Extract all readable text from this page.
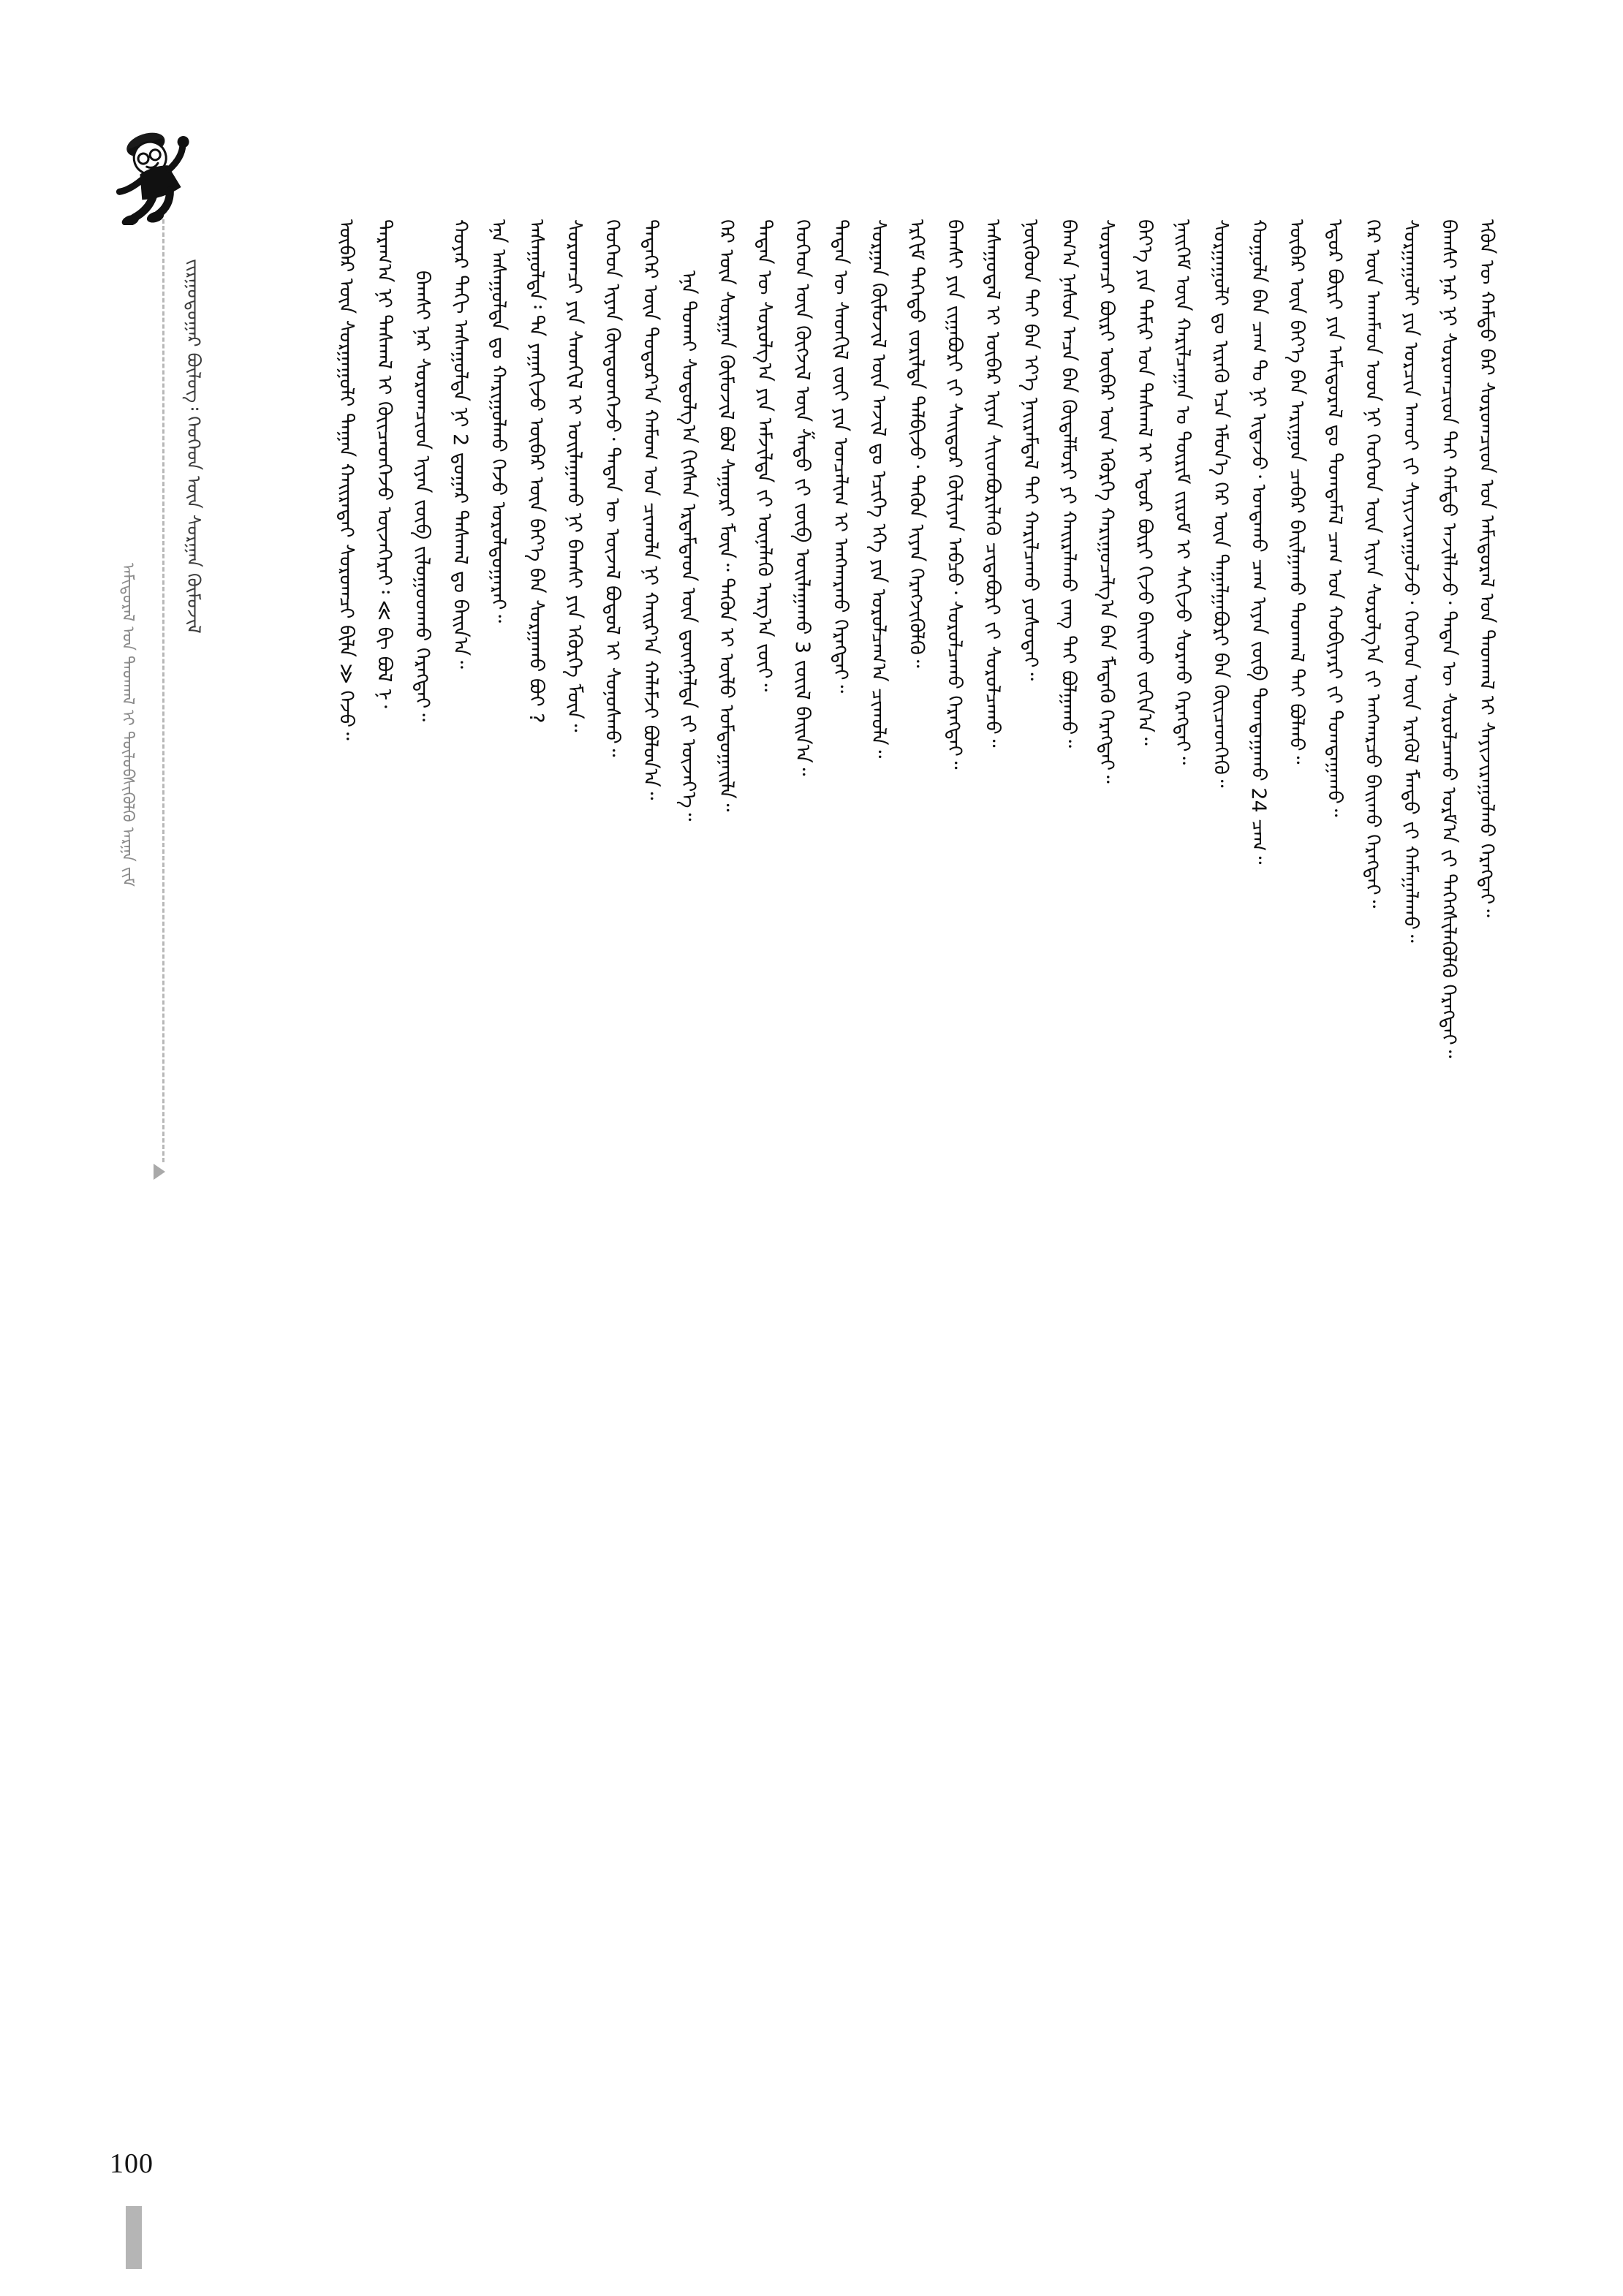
ᠵᠢᠷᠭᠤᠳᠤᠭᠠᠷ ᠪᠦᠯᠦᠭ᠄ ᠬᠡᠦᠬᠡᠳ ᠦᠨ ᠰᠤᠷᠭᠠᠨ ᠬᠥᠮᠦᠵᠢᠯ
ᠠᠮᠢᠳᠤᠷᠠᠯ ᠤᠨ ᠳᠠᠳᠬᠠᠯ ᠢ ᠲᠥᠯᠥᠪᠰᠢᠭᠦᠯᠬᠦ ᠠᠷᠭᠠ ᠵᠢᠮ	ᠡᠭᠦᠨ ᠦ ᠬᠠᠮᠲᠤ ᠪᠠᠷ ᠰᠤᠷᠤᠭᠴᠢᠳ ᠤᠨ ᠠᠮᠢᠳᠤᠷᠠᠯ ᠤᠨ ᠳᠠᠳᠬᠠᠯ ᠢ ᠰᠠᠶᠢᠵᠢᠷᠠᠭᠤᠯᠬᠤ ᠬᠡᠷᠡᠭᠲᠡᠢ᠃
ᠪᠠᠭᠰᠢ ᠨᠠᠷ ᠨᠢ ᠰᠤᠷᠤᠭᠴᠢᠳ ᠲᠠᠢ ᠬᠠᠮᠲᠤ ᠠᠵᠢᠯᠯᠠᠵᠤ᠂ ᠲᠡᠳᠡᠨ ᠦ ᠰᠤᠷᠤᠯᠴᠠᠬᠤ ᠤᠷᠮ᠎ᠠ ᠵᠢ ᠳᠡᠭᠡᠭᠰᠢᠯᠡᠭᠦᠯᠬᠦ ᠬᠡᠷᠡᠭᠲᠡᠢ᠃
ᠰᠤᠷᠭᠠᠭᠤᠯᠢ ᠶᠢᠨ ᠣᠷᠴᠢᠨ ᠠᠬᠤᠢ ᠵᠢ ᠰᠠᠶᠢᠵᠢᠷᠠᠭᠤᠯᠵᠤ᠂ ᠬᠡᠦᠬᠡᠳ ᠦᠨ ᠡᠷᠡᠭᠦᠯ ᠮᠡᠨᠳᠦ ᠵᠢ ᠬᠠᠮᠠᠭᠠᠯᠠᠬᠤ᠃
ᠭᠡᠷ ᠦᠨ ᠠᠬᠠᠮᠠᠳ ᠤᠳ ᠨᠢ ᠬᠡᠦᠬᠡᠳ ᠦᠨ ᠢᠶᠡᠨ ᠰᠤᠷᠤᠯᠭ᠎ᠠ ᠵᠢ ᠠᠩᠬᠠᠷᠴᠤ ᠪᠠᠢᠬᠤ ᠬᠡᠷᠡᠭᠲᠡᠢ᠃
ᠡᠳᠦᠷ ᠪᠦᠷᠢ ᠶᠢᠨ ᠠᠮᠢᠳᠤᠷᠠᠯ ᠳᠤ ᠲᠤᠭᠲᠠᠮᠠᠯ ᠴᠠᠭ ᠤᠨ ᠬᠤᠪᠢᠶᠠᠷᠢ ᠵᠢ ᠲᠣᠭᠲᠠᠭᠠᠬᠤ᠃
ᠥᠪᠡᠷ ᠦᠨ ᠪᠡᠶ᠎ᠡ ᠪᠡᠨ ᠠᠷᠢᠭᠤᠨ ᠴᠡᠪᠡᠷ ᠪᠠᠢᠯᠭᠠᠬᠤ ᠳᠠᠳᠬᠠᠯ ᠲᠠᠢ ᠪᠣᠯᠬᠤ᠃
ᠬᠣᠭᠣᠯᠠ ᠪᠠᠨ ᠴᠠᠭ ᠲᠤ ᠨᠢ ᠢᠳᠡᠵᠦ᠂ ᠤᠨᠲᠠᠬᠤ ᠴᠠᠭ ᠢᠶᠠᠨ ᠵᠥᠪ ᠲᠣᠭᠲᠠᠭᠠᠬᠤ 24 ᠴᠠᠭ᠃
ᠰᠤᠷᠭᠠᠭᠤᠯᠢ ᠳᠤ ᠢᠷᠡᠬᠦ ᠡᠴᠡ ᠡᠮᠦᠨ᠎ᠡ ᠭᠡᠷ ᠦᠨ ᠳᠠᠭᠠᠯᠭᠠᠪᠤᠷᠢ ᠪᠠᠨ ᠭᠦᠢᠴᠡᠳᠬᠡᠬᠦ᠃
ᠨᠡᠢᠭᠡᠮ ᠦᠨ ᠬᠠᠷᠢᠯᠴᠠᠭᠠᠨ ᠤ ᠳᠦᠷᠢᠮ ᠵᠢᠷᠤᠮ ᠢ ᠰᠠᠬᠢᠵᠤ ᠰᠤᠷᠬᠤ ᠬᠡᠷᠡᠭᠲᠡᠢ᠃
ᠪᠡᠶ᠎ᠡ ᠶᠢᠨ ᠲᠠᠮᠢᠷ ᠤᠨ ᠳᠠᠰᠬᠠᠯ ᠢ ᠡᠳᠦᠷ ᠪᠦᠷᠢ ᠬᠢᠵᠦ ᠪᠠᠢᠬᠤ ᠵᠣᠬᠢᠨ᠎ᠠ᠃
ᠰᠤᠷᠤᠭᠴᠢ ᠪᠦᠷᠢ ᠥᠪᠡᠷ ᠦᠨ ᠡᠭᠦᠷᠭᠡ ᠬᠠᠷᠢᠭᠤᠴᠠᠯᠭ᠎ᠠ ᠪᠠᠨ ᠮᠡᠳᠡᠬᠦ ᠬᠡᠷᠡᠭᠲᠡᠢ᠃
ᠪᠠᠭ᠎ᠠ ᠨᠠᠰᠤᠨ ᠠᠴᠠ ᠪᠠᠨ ᠬᠥᠳᠡᠯᠮᠦᠷᠢ ᠶᠢ ᠬᠠᠢᠷᠠᠯᠠᠬᠤ ᠵᠠᠩ ᠲᠠᠢ ᠪᠣᠯᠭᠠᠬᠤ᠃
ᠨᠥᠬᠦᠳ ᠲᠡᠢ ᠪᠡᠨ ᠡᠶ᠎ᠡ ᠨᠠᠢᠷᠠᠮᠳᠠᠯ ᠲᠠᠢ ᠬᠠᠷᠢᠯᠴᠠᠬᠤ ᠶᠣᠰᠣᠲᠠᠢ᠃
ᠠᠰᠠᠭᠤᠳᠠᠯ ᠢ ᠥᠪᠡᠷ ᠢᠶᠡᠨ ᠰᠢᠢᠳᠪᠦᠷᠢᠯᠡᠬᠦ ᠴᠢᠳᠠᠪᠤᠷᠢ ᠵᠢ ᠰᠤᠷᠤᠯᠴᠠᠬᠤ᠃
ᠪᠠᠭᠰᠢ ᠶᠢᠨ ᠵᠢᠭᠠᠪᠤᠷᠢ ᠵᠢ ᠰᠠᠢᠲᠤᠷ ᠬᠦᠯᠢᠶᠡᠨ ᠠᠪᠴᠤ᠂ ᠰᠤᠷᠤᠯᠴᠠᠬᠤ ᠬᠡᠷᠡᠭᠲᠡᠢ᠃
ᠡᠷᠬᠢᠮ ᠳᠡᠭᠡᠳᠦ ᠵᠣᠷᠢᠯᠲᠠ ᠲᠠᠯᠪᠢᠵᠤ᠂ ᠲᠡᠭᠦᠨ ᠢᠶᠡᠨ ᠬᠡᠷᠡᠭᠵᠢᠭᠦᠯᠬᠦ᠃
ᠰᠤᠷᠭᠠᠨ ᠬᠥᠮᠦᠵᠢᠯ ᠦᠨ ᠠᠵᠢᠯ ᠳᠤ ᠡᠴᠢᠭᠡ ᠡᠬᠡ ᠶᠢᠨ ᠣᠷᠣᠯᠴᠠᠭ᠎ᠠ ᠴᠢᠬᠤᠯᠠ᠃
ᠲᠡᠳᠡᠨ ᠦ ᠰᠡᠳᠬᠢᠯ ᠵᠦᠢ ᠶᠢᠨ ᠣᠨᠴᠠᠯᠢᠭ ᠢ ᠠᠩᠬᠠᠷᠬᠤ ᠬᠡᠷᠡᠭᠲᠡᠢ᠃
ᠬᠡᠦᠬᠡᠳ ᠦᠨ ᠬᠥᠭᠵᠢᠯ ᠦᠨ ᠱᠠᠲᠤ ᠵᠢ ᠵᠥᠪ ᠣᠢᠯᠠᠭᠠᠬᠤ 3 ᠵᠦᠢᠯ ᠪᠠᠢᠨ᠎ᠠ᠃
ᠲᠡᠳᠡᠨ ᠦ ᠰᠤᠷᠤᠯᠭ᠎ᠠ ᠶᠢᠨ ᠠᠮᠵᠢᠯᠲᠠ ᠵᠢ ᠦᠨᠡᠯᠡᠬᠦ ᠠᠷᠭ᠎ᠠ ᠵᠦᠢ᠃
ᠭᠡᠷ ᠦᠨ ᠰᠤᠷᠭᠠᠨ ᠬᠥᠮᠦᠵᠢᠯ ᠪᠣᠯ ᠰᠠᠭᠤᠷᠢ ᠮᠥᠨ᠃ ᠲᠡᠭᠦᠨ ᠢ ᠦᠯᠦ ᠣᠮᠲᠣᠭᠠᠢᠯᠠ᠃
ᠡᠨᠡ ᠲᠤᠬᠠᠢ ᠰᠤᠳᠤᠯᠭ᠎ᠠ ᠬᠢᠭᠰᠡᠨ ᠡᠷᠳᠡᠮᠲᠡᠳ ᠦᠨ ᠳ᠋ᠦᠩᠨᠡᠯᠲᠡ ᠵᠢ ᠦᠵᠡᠶ᠎ᠡ᠃
ᠲᠡᠳᠡᠭᠡᠷ ᠦᠨ ᠳᠣᠲᠣᠷ᠎ᠠ ᠬᠠᠮᠤᠭ ᠤᠨ ᠴᠢᠬᠤᠯᠠ ᠨᠢ ᠬᠠᠢᠷ᠎ᠠ ᠬᠠᠯᠠᠮᠵᠢ ᠪᠣᠯᠤᠨ᠎ᠠ᠃
ᠬᠡᠦᠬᠡᠳ ᠢᠶᠡᠨ ᠬᠦᠨᠳᠦᠳᠬᠡᠵᠦ᠂ ᠲᠡᠳᠡᠨ ᠦ ᠦᠵᠡᠯ ᠪᠣᠳᠣᠯ ᠢ ᠰᠣᠨᠣᠰᠬᠤ᠃
ᠰᠤᠷᠤᠭᠴᠢ ᠶᠢᠨ ᠰᠡᠳᠬᠢᠯ ᠢ ᠣᠢᠯᠠᠭᠠᠬᠤ ᠨᠢ ᠪᠠᠭᠰᠢ ᠶᠢᠨ ᠡᠭᠦᠷᠭᠡ ᠮᠥᠨ᠃
ᠠᠰᠠᠭᠤᠯᠲᠠ᠄ ᠲᠠ ᠶᠠᠭᠠᠬᠢᠵᠤ ᠥᠪᠡᠷ ᠦᠨ ᠪᠡᠶ᠎ᠡ ᠪᠡᠨ ᠰᠤᠷᠭᠠᠬᠤ ᠪᠤᠢ ?
ᠡᠨᠡ ᠠᠰᠠᠭᠤᠯᠲᠠ ᠳᠤ ᠬᠠᠷᠢᠭᠤᠯᠬᠤ ᠭᠡᠵᠦ ᠣᠷᠣᠯᠳᠤᠭᠠᠷᠠᠢ᠃
ᠬᠣᠶᠠᠷ ᠳᠠᠬᠢ ᠠᠰᠠᠭᠤᠯᠲᠠ ᠨᠢ 2 ᠳ᠋ᠤᠭᠠᠷ ᠳᠠᠰᠬᠠᠯ ᠳᠤ ᠪᠠᠢᠨ᠎ᠠ᠃
ᠪᠠᠭᠰᠢ ᠨᠠᠷ ᠰᠤᠷᠤᠭᠴᠢᠳ ᠢᠶᠠᠨ ᠵᠥᠪ ᠵᠢᠯᠤᠭᠤᠳᠬᠤ ᠬᠡᠷᠡᠭᠲᠡᠢ᠃
ᠳᠠᠷᠠᠭ᠎ᠠ ᠨᠢ ᠳᠠᠰᠬᠠᠯ ᠢ ᠭᠦᠢᠴᠡᠳᠬᠡᠵᠦ ᠦᠵᠡᠭᠡᠷᠡᠢ᠄ ≪ ᠪᠢ ᠪᠣᠯ ᠨ᠂
ᠥᠪᠡᠷ ᠦᠨ ᠰᠤᠷᠭᠠᠭᠤᠯᠢ ᠳᠠᠭᠠᠨ ᠬᠠᠢᠷᠠᠲᠠᠢ ᠰᠤᠷᠤᠭᠴᠢ ᠪᠢᠯᠡ ≫ ᠭᠡᠵᠦ᠃
100
